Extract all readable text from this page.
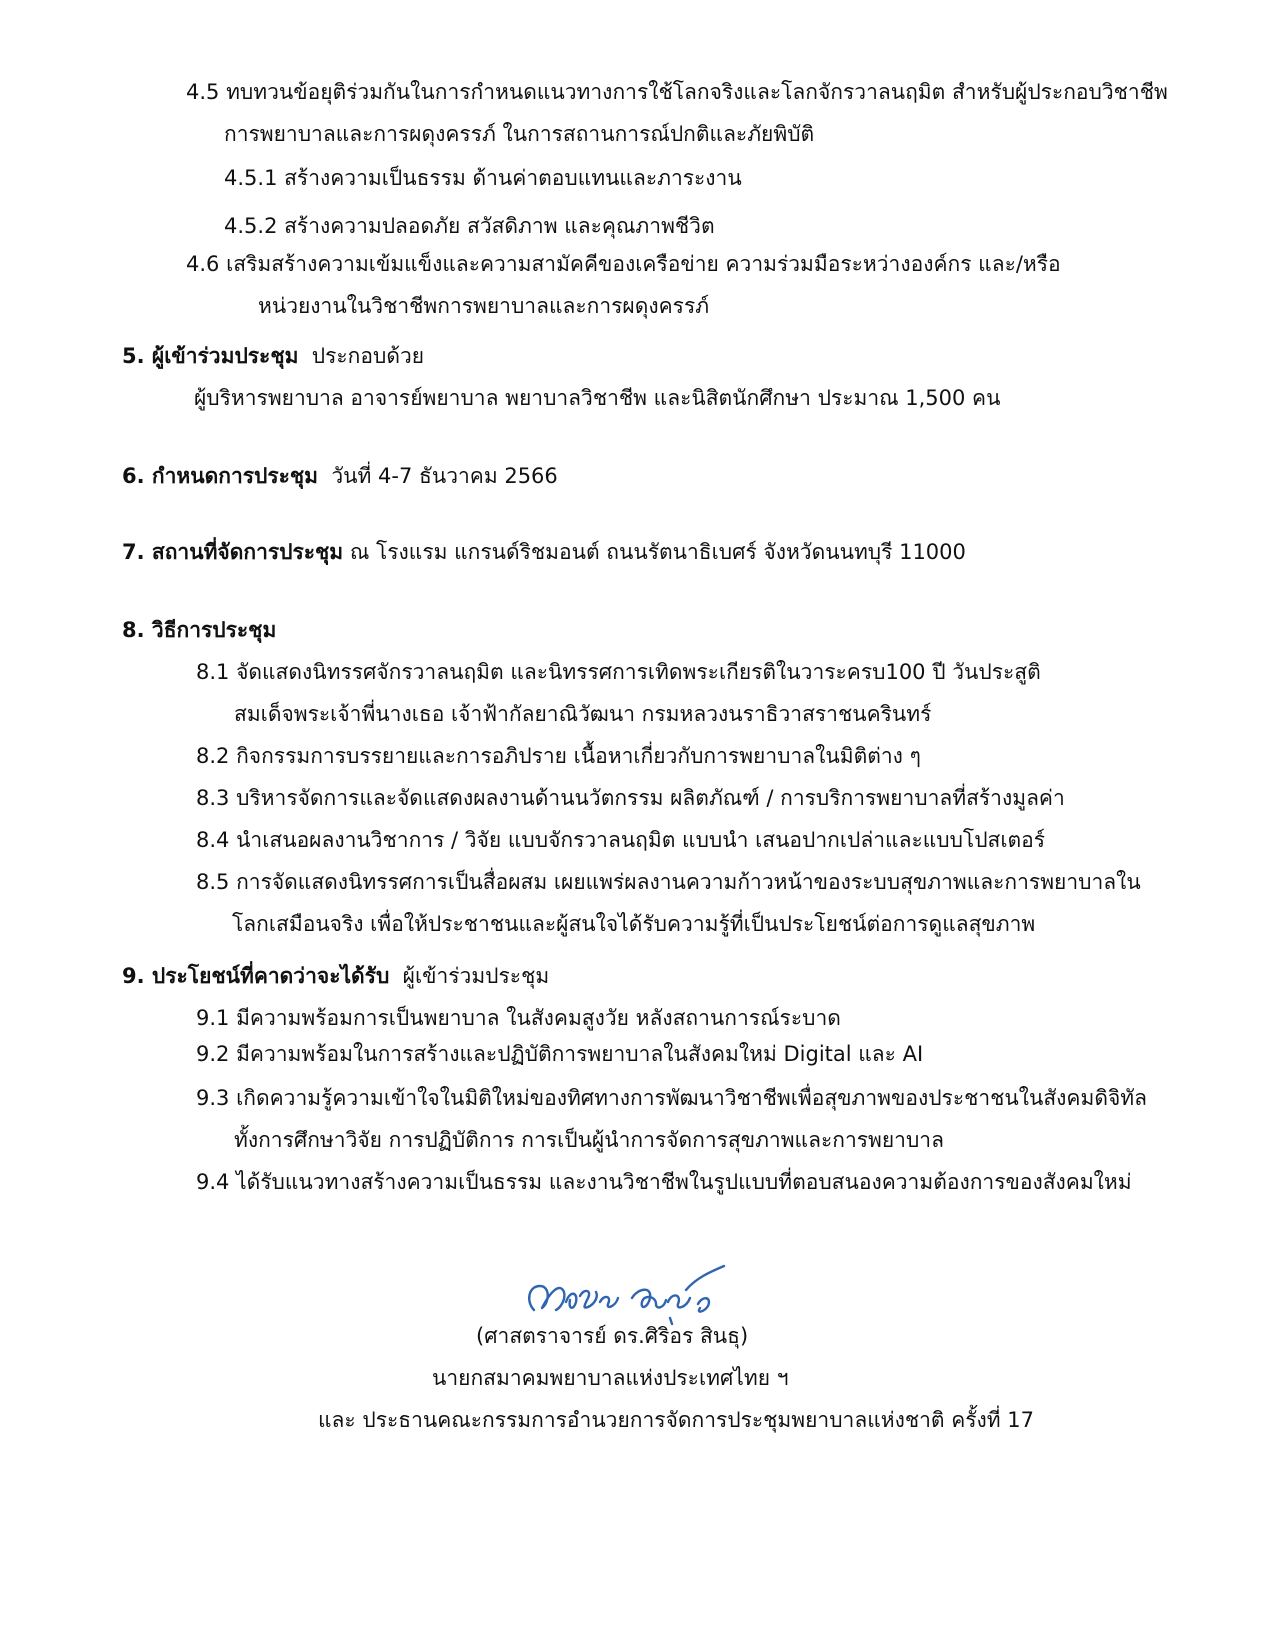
4.5 ทบทวนข้อยุติร่วมกันในการกำหนดแนวทางการใช้โลกจริงและโลกจักรวาลนฤมิต สำหรับผู้ประกอบวิชาชีพ
การพยาบาลและการผดุงครรภ์ ในการสถานการณ์ปกติและภัยพิบัติ
4.5.1 สร้างความเป็นธรรม ด้านค่าตอบแทนและภาระงาน
4.5.2 สร้างความปลอดภัย สวัสดิภาพ และคุณภาพชีวิต
4.6 เสริมสร้างความเข้มแข็งและความสามัคคีของเครือข่าย ความร่วมมือระหว่างองค์กร และ/หรือ
หน่วยงานในวิชาชีพการพยาบาลและการผดุงครรภ์
5. ผู้เข้าร่วมประชุม ประกอบด้วย
ผู้บริหารพยาบาล อาจารย์พยาบาล พยาบาลวิชาชีพ และนิสิตนักศึกษา ประมาณ 1,500 คน
6. กำหนดการประชุม วันที่ 4-7 ธันวาคม 2566
7. สถานที่จัดการประชุม ณ โรงแรม แกรนด์ริชมอนต์ ถนนรัตนาธิเบศร์ จังหวัดนนทบุรี 11000
8. วิธีการประชุม
8.1 จัดแสดงนิทรรศจักรวาลนฤมิต และนิทรรศการเทิดพระเกียรติในวาระครบ100 ปี วันประสูติ
สมเด็จพระเจ้าพี่นางเธอ เจ้าฟ้ากัลยาณิวัฒนา กรมหลวงนราธิวาสราชนครินทร์
8.2 กิจกรรมการบรรยายและการอภิปราย เนื้อหาเกี่ยวกับการพยาบาลในมิติต่าง ๆ
8.3 บริหารจัดการและจัดแสดงผลงานด้านนวัตกรรม ผลิตภัณฑ์ / การบริการพยาบาลที่สร้างมูลค่า
8.4 นำเสนอผลงานวิชาการ / วิจัย แบบจักรวาลนฤมิต แบบนำ เสนอปากเปล่าและแบบโปสเตอร์
8.5 การจัดแสดงนิทรรศการเป็นสื่อผสม เผยแพร่ผลงานความก้าวหน้าของระบบสุขภาพและการพยาบาลใน
โลกเสมือนจริง เพื่อให้ประชาชนและผู้สนใจได้รับความรู้ที่เป็นประโยชน์ต่อการดูแลสุขภาพ
9. ประโยชน์ที่คาดว่าจะได้รับ ผู้เข้าร่วมประชุม
9.1 มีความพร้อมการเป็นพยาบาล ในสังคมสูงวัย หลังสถานการณ์ระบาด
9.2 มีความพร้อมในการสร้างและปฏิบัติการพยาบาลในสังคมใหม่ Digital และ AI
9.3 เกิดความรู้ความเข้าใจในมิติใหม่ของทิศทางการพัฒนาวิชาชีพเพื่อสุขภาพของประชาชนในสังคมดิจิทัล
ทั้งการศึกษาวิจัย การปฏิบัติการ การเป็นผู้นำการจัดการสุขภาพและการพยาบาล
9.4 ได้รับแนวทางสร้างความเป็นธรรม และงานวิชาชีพในรูปแบบที่ตอบสนองความต้องการของสังคมใหม่
(ศาสตราจารย์ ดร.ศิริอร สินธุ)
นายกสมาคมพยาบาลแห่งประเทศไทย ฯ
และ ประธานคณะกรรมการอำนวยการจัดการประชุมพยาบาลแห่งชาติ ครั้งที่ 17
